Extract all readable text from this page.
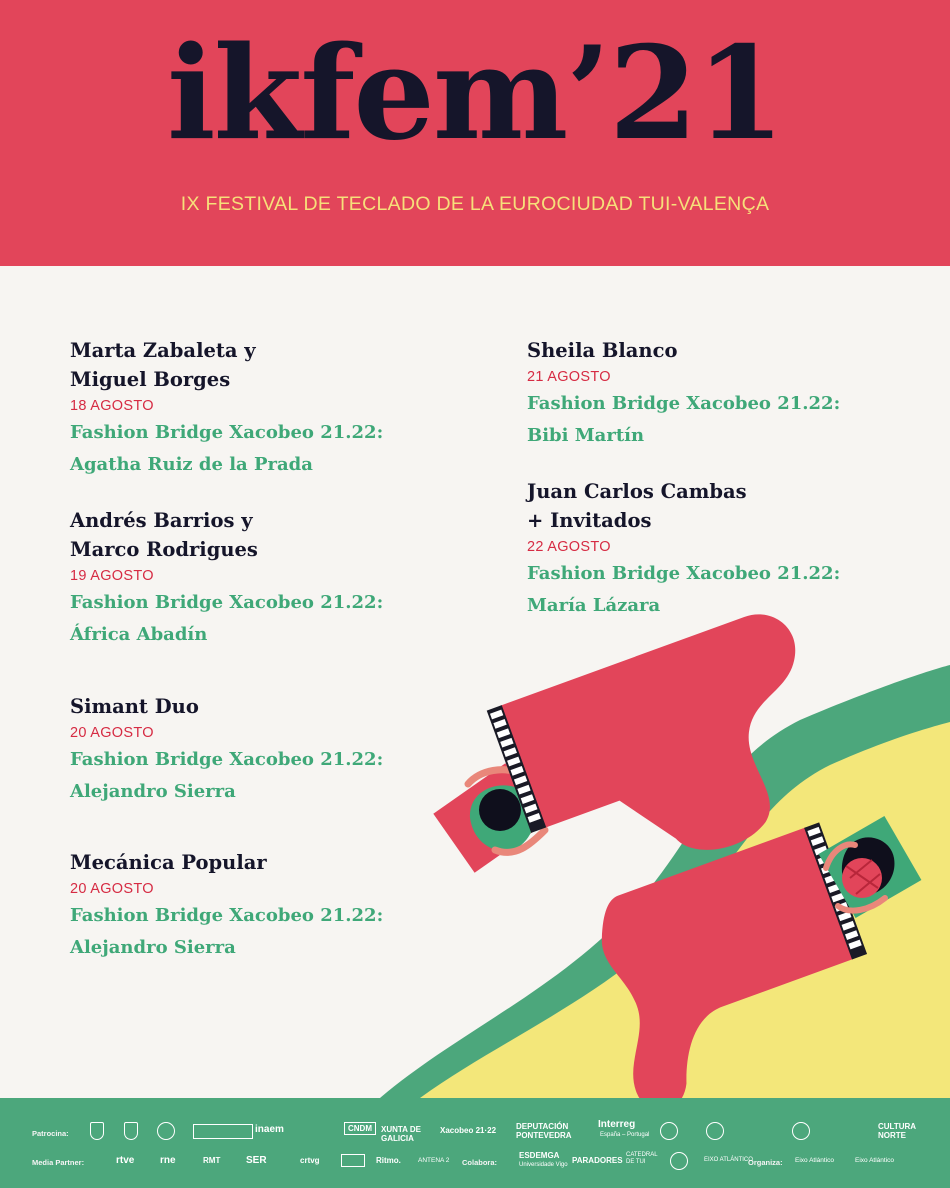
ikfem’21
IX FESTIVAL DE TECLADO DE LA EUROCIUDAD TUI-VALENÇA
Marta Zabaleta y
Miguel Borges
18 AGOSTO
Fashion Bridge Xacobeo 21.22:
Agatha Ruiz de la Prada
Andrés Barrios y
Marco Rodrigues
19 AGOSTO
Fashion Bridge Xacobeo 21.22:
África Abadín
Simant Duo
20 AGOSTO
Fashion Bridge Xacobeo 21.22:
Alejandro Sierra
Mecánica Popular
20 AGOSTO
Fashion Bridge Xacobeo 21.22:
Alejandro Sierra
Sheila Blanco
21 AGOSTO
Fashion Bridge Xacobeo 21.22:
Bibi Martín
Juan Carlos Cambas
+ Invitados
22 AGOSTO
Fashion Bridge Xacobeo 21.22:
María Lázara
Patrocina:	inaem	CNDM	XUNTA DE GALICIA
Xacobeo 21·22 DEPUTACIÓN PONTEVEDRA
Interreg
España – Portugal
CULTURA NORTE
Media Partner:	rtve	rne	RMT	SER	crtvg	Ritmo.	ANTENA 2 Colabora:
ESDEMGA
Universidade Vigo PARADORES
CATEDRAL DE TUI	EIXO ATLÁNTICO
Organiza: Eixo Atlántico	Eixo Atlántico
